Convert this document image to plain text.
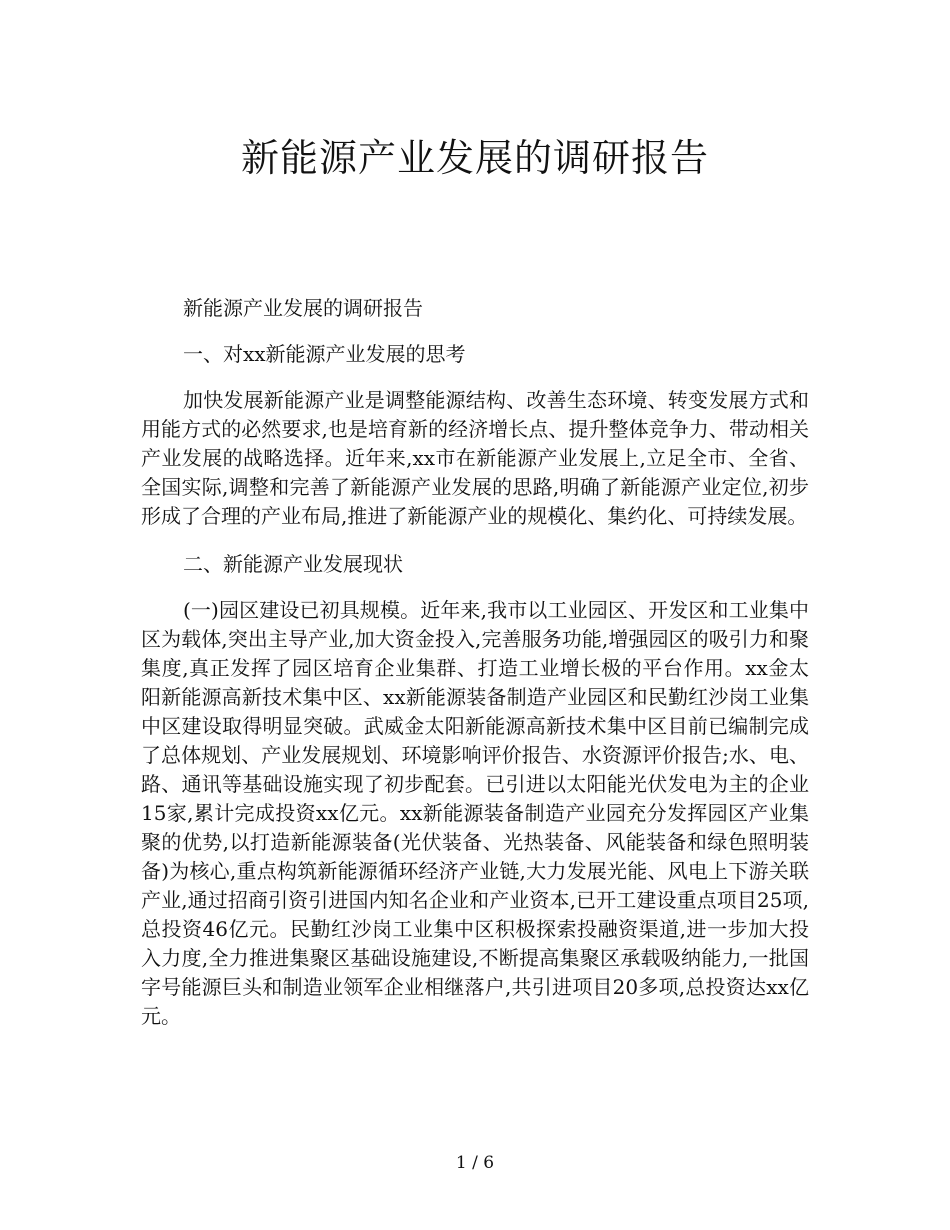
新能源产业发展的调研报告

新能源产业发展的调研报告

一、对xx新能源产业发展的思考

加快发展新能源产业是调整能源结构、改善生态环境、转变发展方式和用能方式的必然要求,也是培育新的经济增长点、提升整体竞争力、带动相关产业发展的战略选择。近年来,xx市在新能源产业发展上,立足全市、全省、全国实际,调整和完善了新能源产业发展的思路,明确了新能源产业定位,初步形成了合理的产业布局,推进了新能源产业的规模化、集约化、可持续发展。

二、新能源产业发展现状

(一)园区建设已初具规模。近年来,我市以工业园区、开发区和工业集中区为载体,突出主导产业,加大资金投入,完善服务功能,增强园区的吸引力和聚集度,真正发挥了园区培育企业集群、打造工业增长极的平台作用。xx金太阳新能源高新技术集中区、xx新能源装备制造产业园区和民勤红沙岗工业集中区建设取得明显突破。武威金太阳新能源高新技术集中区目前已编制完成了总体规划、产业发展规划、环境影响评价报告、水资源评价报告;水、电、路、通讯等基础设施实现了初步配套。已引进以太阳能光伏发电为主的企业15家,累计完成投资xx亿元。xx新能源装备制造产业园充分发挥园区产业集聚的优势,以打造新能源装备(光伏装备、光热装备、风能装备和绿色照明装备)为核心,重点构筑新能源循环经济产业链,大力发展光能、风电上下游关联产业,通过招商引资引进国内知名企业和产业资本,已开工建设重点项目25项,总投资46亿元。民勤红沙岗工业集中区积极探索投融资渠道,进一步加大投入力度,全力推进集聚区基础设施建设,不断提高集聚区承载吸纳能力,一批国字号能源巨头和制造业领军企业相继落户,共引进项目20多项,总投资达xx亿元。

1 / 6
